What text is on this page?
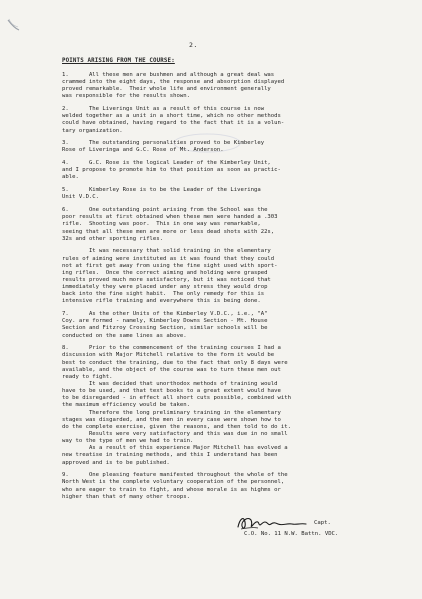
2.
POINTS ARISING FROM THE COURSE:
1.      All these men are bushmen and although a great deal was
crammed into the eight days, the response and absorption displayed
proved remarkable.  Their whole life and environment generally
was responsible for the results shown.
2.      The Liverings Unit as a result of this course is now
welded together as a unit in a short time, which no other methods
could have obtained, having regard to the fact that it is a volun-
tary organization.
3.      The outstanding personalities proved to be Kimberley
Rose of Liveringa and G.C. Rose of Mt. Anderson.
4.      G.C. Rose is the logical Leader of the Kimberley Unit,
and I propose to promote him to that position as soon as practic-
able.
5.      Kimberley Rose is to be the Leader of the Liveringa
Unit V.D.C.
6.      One outstanding point arising from the School was the
poor results at first obtained when these men were handed a .303
rifle.  Shooting was poor.  This in one way was remarkable,
seeing that all these men are more or less dead shots with 22s,
32s and other sporting rifles.
It was necessary that solid training in the elementary
rules of aiming were instituted as it was found that they could
not at first get away from using the fine sight used with sport-
ing rifles.  Once the correct aiming and holding were grasped
results proved much more satisfactory, but it was noticed that
immediately they were placed under any stress they would drop
back into the fine sight habit.  The only remedy for this is
intensive rifle training and everywhere this is being done.
7.      As the other Units of the Kimberley V.D.C., i.e., "A"
Coy. are formed - namely, Kimberley Downs Section - Mt. House
Section and Fitzroy Crossing Section, similar schools will be
conducted on the same lines as above.
8.      Prior to the commencement of the training courses I had a
discussion with Major Mitchell relative to the form it would be
best to conduct the training, due to the fact that only 8 days were
available, and the object of the course was to turn these men out
ready to fight.
It was decided that unorthodox methods of training would
have to be used, and that text books to a great extent would have
to be disregarded - in effect all short cuts possible, combined with
the maximum efficiency would be taken.
Therefore the long preliminary training in the elementary
stages was disgarded, and the men in every case were shown how to
do the complete exercise, given the reasons, and then told to do it.
Results were very satisfactory and this was due in no small
way to the type of men we had to train.
As a result of this experience Major Mitchell has evolved a
new treatise in training methods, and this I understand has been
approved and is to be published.
9.      One pleasing feature manifested throughout the whole of the
North West is the complete voluntary cooperation of the personnel,
who are eager to train to fight, and whose morale is as highms or
higher than that of many other troops.
Capt.
C.O. No. 11 N.W. Battn. VDC.
